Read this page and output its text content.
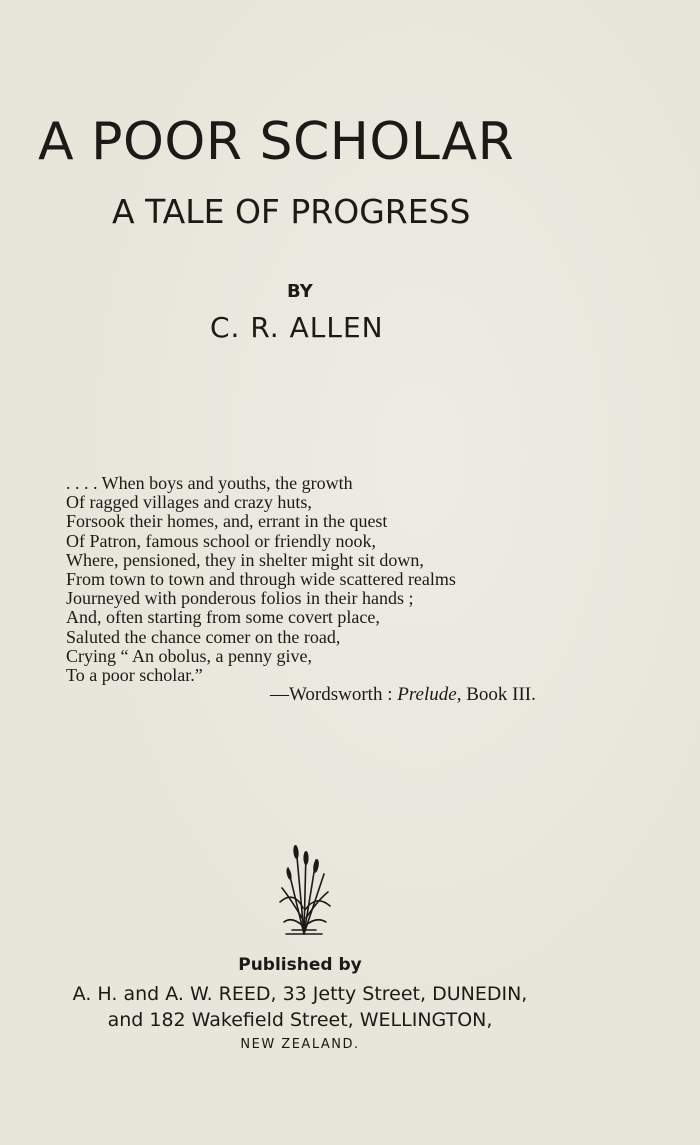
A POOR SCHOLAR
A TALE OF PROGRESS
BY
C. R. ALLEN
. . . . When boys and youths, the growth
Of ragged villages and crazy huts,
Forsook their homes, and, errant in the quest
Of Patron, famous school or friendly nook,
Where, pensioned, they in shelter might sit down,
From town to town and through wide scattered realms
Journeyed with ponderous folios in their hands ;
And, often starting from some covert place,
Saluted the chance comer on the road,
Crying “ An obolus, a penny give,
To a poor scholar.”
—Wordsworth : Prelude, Book III.
Published by
A. H. and A. W. REED, 33 Jetty Street, DUNEDIN,
and 182 Wakefield Street, WELLINGTON,
NEW ZEALAND.
